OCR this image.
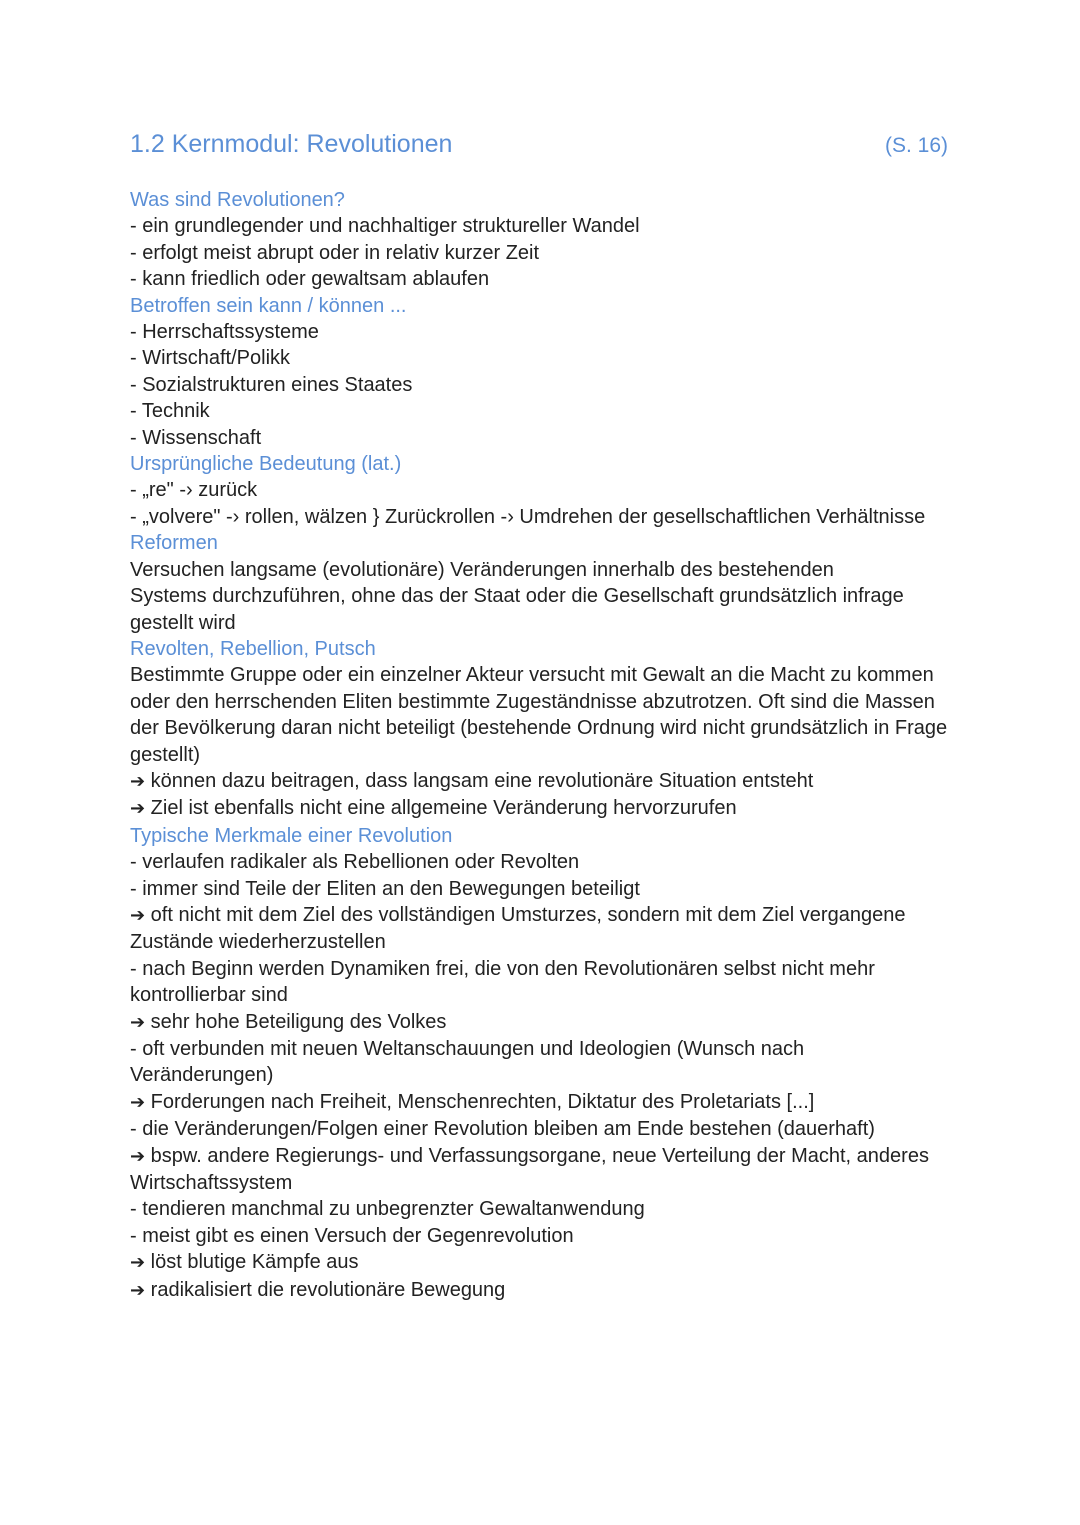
1.2 Kernmodul: Revolutionen	(S. 16)
Was sind Revolutionen?
- ein grundlegender und nachhaltiger struktureller Wandel
- erfolgt meist abrupt oder in relativ kurzer Zeit
- kann friedlich oder gewaltsam ablaufen
Betroffen sein kann / können ...
- Herrschaftssysteme
- Wirtschaft/Polikk
- Sozialstrukturen eines Staates
- Technik
- Wissenschaft
Ursprüngliche Bedeutung (lat.)
- „re" -› zurück
- „volvere" -› rollen, wälzen } Zurückrollen -› Umdrehen der gesellschaftlichen Verhältnisse
Reformen
Versuchen langsame (evolutionäre) Veränderungen innerhalb des bestehenden
Systems durchzuführen, ohne das der Staat oder die Gesellschaft grundsätzlich infrage
gestellt wird
Revolten, Rebellion, Putsch
Bestimmte Gruppe oder ein einzelner Akteur versucht mit Gewalt an die Macht zu kommen
oder den herrschenden Eliten bestimmte Zugeständnisse abzutrotzen. Oft sind die Massen
der Bevölkerung daran nicht beteiligt (bestehende Ordnung wird nicht grundsätzlich in Frage
gestellt)
➔ können dazu beitragen, dass langsam eine revolutionäre Situation entsteht
➔ Ziel ist ebenfalls nicht eine allgemeine Veränderung hervorzurufen
Typische Merkmale einer Revolution
- verlaufen radikaler als Rebellionen oder Revolten
- immer sind Teile der Eliten an den Bewegungen beteiligt
➔ oft nicht mit dem Ziel des vollständigen Umsturzes, sondern mit dem Ziel vergangene
Zustände wiederherzustellen
- nach Beginn werden Dynamiken frei, die von den Revolutionären selbst nicht mehr
kontrollierbar sind
➔ sehr hohe Beteiligung des Volkes
- oft verbunden mit neuen Weltanschauungen und Ideologien (Wunsch nach
Veränderungen)
➔ Forderungen nach Freiheit, Menschenrechten, Diktatur des Proletariats [...]
- die Veränderungen/Folgen einer Revolution bleiben am Ende bestehen (dauerhaft)
➔ bspw. andere Regierungs- und Verfassungsorgane, neue Verteilung der Macht, anderes
Wirtschaftssystem
- tendieren manchmal zu unbegrenzter Gewaltanwendung
- meist gibt es einen Versuch der Gegenrevolution
➔ löst blutige Kämpfe aus
➔ radikalisiert die revolutionäre Bewegung
